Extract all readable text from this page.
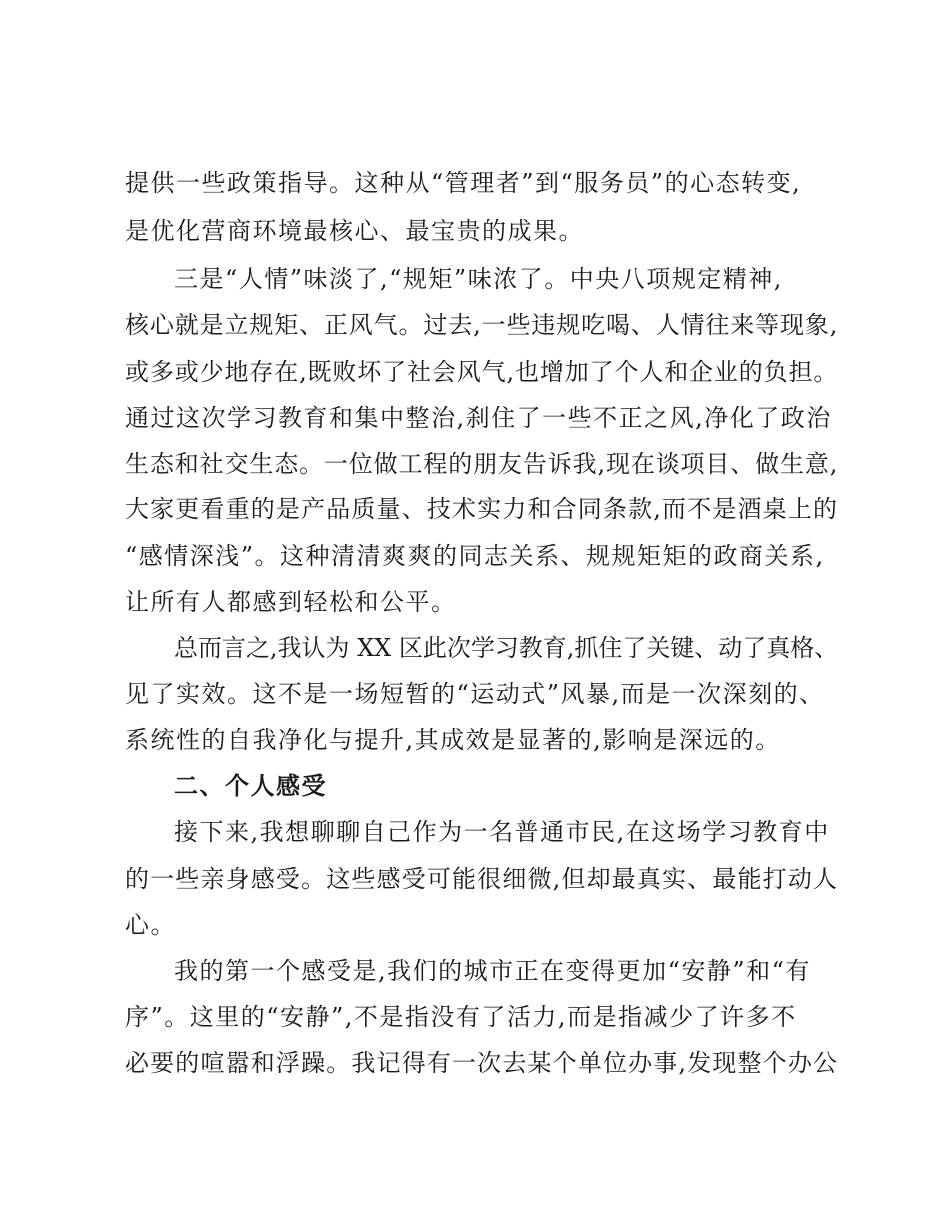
提供一些政策指导。这种从“管理者”到“服务员”的心态转变,
是优化营商环境最核心、最宝贵的成果。
三是“人情”味淡了,“规矩”味浓了。中央八项规定精神,
核心就是立规矩、正风气。过去,一些违规吃喝、人情往来等现象,
或多或少地存在,既败坏了社会风气,也增加了个人和企业的负担。
通过这次学习教育和集中整治,刹住了一些不正之风,净化了政治
生态和社交生态。一位做工程的朋友告诉我,现在谈项目、做生意,
大家更看重的是产品质量、技术实力和合同条款,而不是酒桌上的
“感情深浅”。这种清清爽爽的同志关系、规规矩矩的政商关系,
让所有人都感到轻松和公平。
总而言之,我认为 XX 区此次学习教育,抓住了关键、动了真格、
见了实效。这不是一场短暂的“运动式”风暴,而是一次深刻的、
系统性的自我净化与提升,其成效是显著的,影响是深远的。
二、个人感受
接下来,我想聊聊自己作为一名普通市民,在这场学习教育中
的一些亲身感受。这些感受可能很细微,但却最真实、最能打动人
心。
我的第一个感受是,我们的城市正在变得更加“安静”和“有
序”。这里的“安静”,不是指没有了活力,而是指减少了许多不
必要的喧嚣和浮躁。我记得有一次去某个单位办事,发现整个办公
